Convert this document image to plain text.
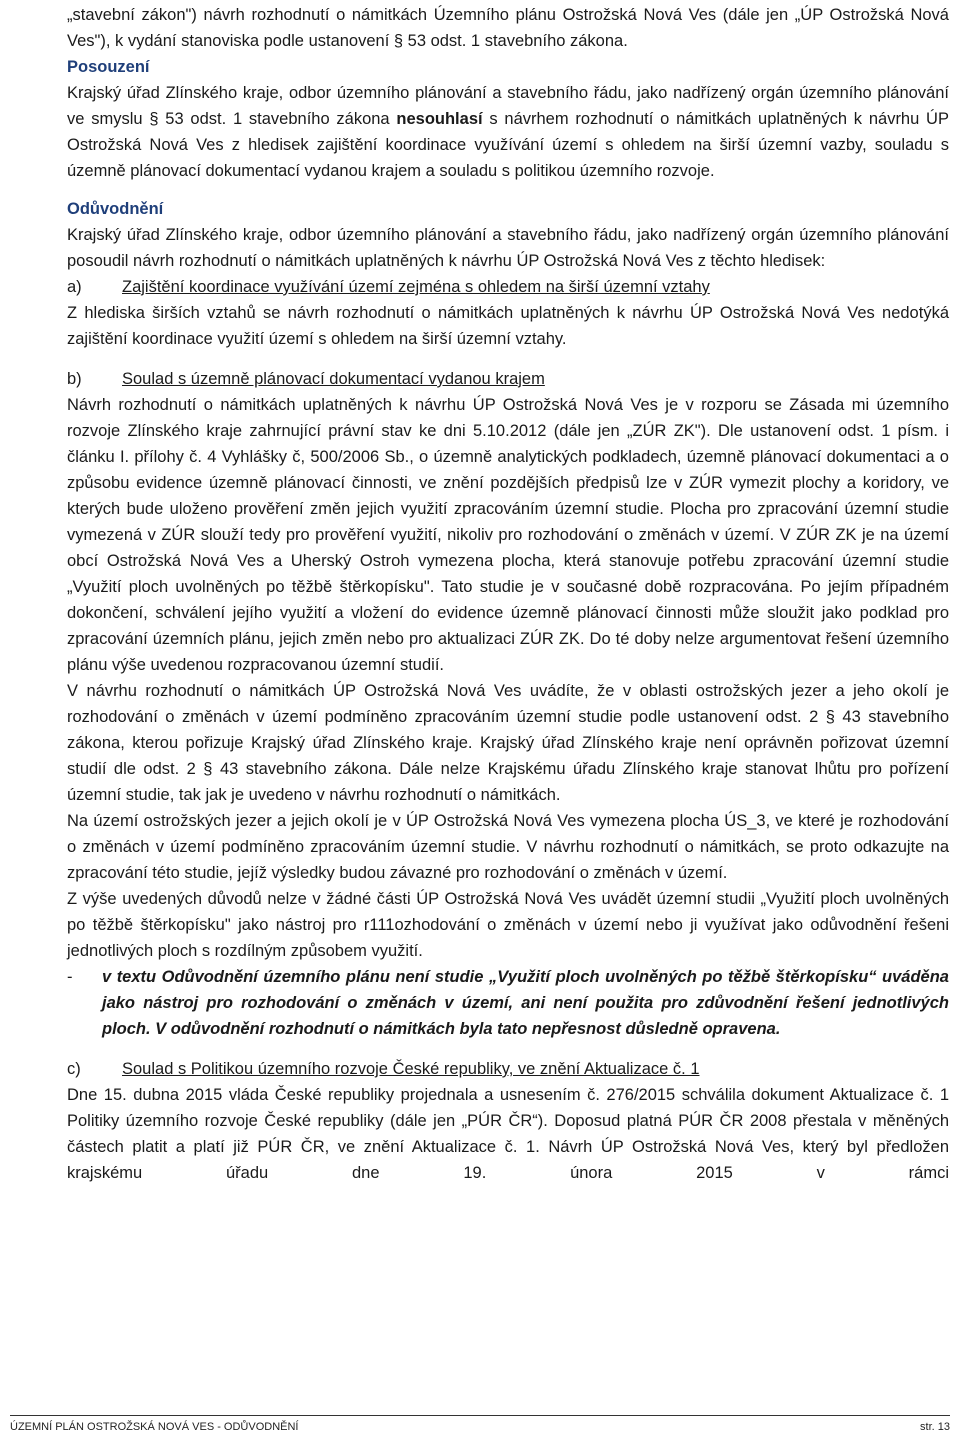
„stavební zákon") návrh rozhodnutí o námitkách Územního plánu Ostrožská Nová Ves (dále jen „ÚP Ostrožská Nová Ves"), k vydání stanoviska podle ustanovení § 53 odst. 1 stavebního zákona.

Posouzení

Krajský úřad Zlínského kraje, odbor územního plánování a stavebního řádu, jako nadřízený orgán územního plánování ve smyslu § 53 odst. 1 stavebního zákona nesouhlasí s návrhem rozhodnutí o námitkách uplatněných k návrhu ÚP Ostrožská Nová Ves z hledisek zajištění koordinace využívání území s ohledem na širší územní vazby, souladu s územně plánovací dokumentací vydanou krajem a souladu s politikou územního rozvoje.

Odůvodnění

Krajský úřad Zlínského kraje, odbor územního plánování a stavebního řádu, jako nadřízený orgán územního plánování posoudil návrh rozhodnutí o námitkách uplatněných k návrhu ÚP Ostrožská Nová Ves z těchto hledisek:

a)	Zajištění koordinace využívání území zejména s ohledem na širší územní vztahy

Z hlediska širších vztahů se návrh rozhodnutí o námitkách uplatněných k návrhu ÚP Ostrožská Nová Ves nedotýká zajištění koordinace využití území s ohledem na širší územní vztahy.

b)	Soulad s územně plánovací dokumentací vydanou krajem

Návrh rozhodnutí o námitkách uplatněných k návrhu ÚP Ostrožská Nová Ves je v rozporu se Zásada mi územního rozvoje Zlínského kraje zahrnující právní stav ke dni 5.10.2012 (dále jen „ZÚR ZK"). Dle ustanovení odst. 1 písm. i článku I. přílohy č. 4 Vyhlášky č, 500/2006 Sb., o územně analytických podkladech, územně plánovací dokumentaci a o způsobu evidence územně plánovací činnosti, ve znění pozdějších předpisů lze v ZÚR vymezit plochy a koridory, ve kterých bude uloženo prověření změn jejich využití zpracováním územní studie. Plocha pro zpracování územní studie vymezená v ZÚR slouží tedy pro prověření využití, nikoliv pro rozhodování o změnách v území. V ZÚR ZK je na území obcí Ostrožská Nová Ves a Uherský Ostroh vymezena plocha, která stanovuje potřebu zpracování územní studie „Využití ploch uvolněných po těžbě štěrkopísku". Tato studie je v současné době rozpracována. Po jejím případném dokončení, schválení jejího využití a vložení do evidence územně plánovací činnosti může sloužit jako podklad pro zpracování územních plánu, jejich změn nebo pro aktualizaci ZÚR ZK. Do té doby nelze argumentovat řešení územního plánu výše uvedenou rozpracovanou územní studií.

V návrhu rozhodnutí o námitkách ÚP Ostrožská Nová Ves uvádíte, že v oblasti ostrožských jezer a jeho okolí je rozhodování o změnách v území podmíněno zpracováním územní studie podle ustanovení odst. 2 § 43 stavebního zákona, kterou pořizuje Krajský úřad Zlínského kraje. Krajský úřad Zlínského kraje není oprávněn pořizovat územní studií dle odst. 2 § 43 stavebního zákona. Dále nelze Krajskému úřadu Zlínského kraje stanovat lhůtu pro pořízení územní studie, tak jak je uvedeno v návrhu rozhodnutí o námitkách.

Na území ostrožských jezer a jejich okolí je v ÚP Ostrožská Nová Ves vymezena plocha ÚS_3, ve které je rozhodování o změnách v území podmíněno zpracováním územní studie. V návrhu rozhodnutí o námitkách, se proto odkazujte na zpracování této studie, jejíž výsledky budou závazné pro rozhodování o změnách v území.

Z výše uvedených důvodů nelze v žádné části ÚP Ostrožská Nová Ves uvádět územní studii „Využití ploch uvolněných po těžbě štěrkopísku" jako nástroj pro r111ozhodování o změnách v území nebo ji využívat jako odůvodnění řešeni jednotlivých ploch s rozdílným způsobem využití.

-	v textu Odůvodnění územního plánu není studie „Využití ploch uvolněných po těžbě štěrkopísku“ uváděna jako nástroj pro rozhodování o změnách v území, ani není použita pro zdůvodnění řešení jednotlivých ploch. V odůvodnění rozhodnutí o námitkách byla tato nepřesnost důsledně opravena.
c)	Soulad s Politikou územního rozvoje České republiky, ve znění Aktualizace č. 1

Dne 15. dubna 2015 vláda České republiky projednala a usnesením č. 276/2015 schválila dokument Aktualizace č. 1 Politiky územního rozvoje České republiky (dále jen „PÚR ČR“). Doposud platná PÚR ČR 2008 přestala v měněných částech platit a platí již PÚR ČR, ve znění Aktualizace č. 1. Návrh ÚP Ostrožská Nová Ves, který byl předložen krajskému úřadu dne 19. února 2015 v rámci

ÚZEMNÍ PLÁN OSTROŽSKÁ NOVÁ VES - ODŮVODNĚNÍ	str. 13
